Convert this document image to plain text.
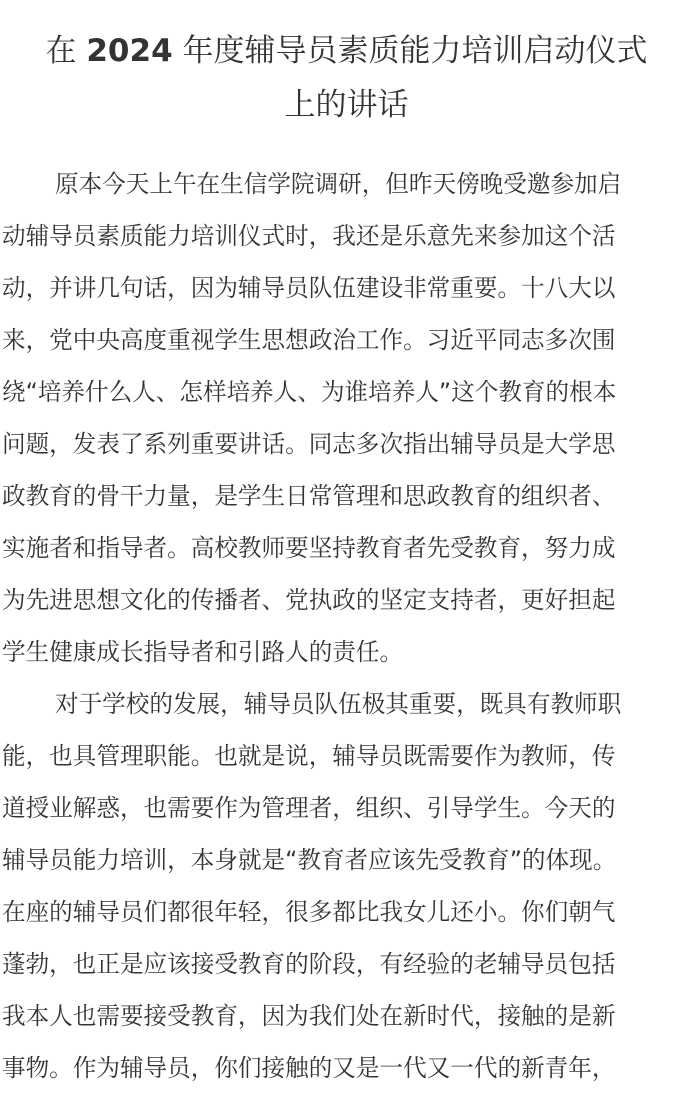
在 2024 年度辅导员素质能力培训启动仪式
上的讲话
原本今天上午在生信学院调研，但昨天傍晚受邀参加启
动辅导员素质能力培训仪式时，我还是乐意先来参加这个活
动，并讲几句话，因为辅导员队伍建设非常重要。十八大以
来，党中央高度重视学生思想政治工作。习近平同志多次围
绕“培养什么人、怎样培养人、为谁培养人”这个教育的根本
问题，发表了系列重要讲话。同志多次指出辅导员是大学思
政教育的骨干力量，是学生日常管理和思政教育的组织者、
实施者和指导者。高校教师要坚持教育者先受教育，努力成
为先进思想文化的传播者、党执政的坚定支持者，更好担起
学生健康成长指导者和引路人的责任。
对于学校的发展，辅导员队伍极其重要，既具有教师职
能，也具管理职能。也就是说，辅导员既需要作为教师，传
道授业解惑，也需要作为管理者，组织、引导学生。今天的
辅导员能力培训，本身就是“教育者应该先受教育”的体现。
在座的辅导员们都很年轻，很多都比我女儿还小。你们朝气
蓬勃，也正是应该接受教育的阶段，有经验的老辅导员包括
我本人也需要接受教育，因为我们处在新时代，接触的是新
事物。作为辅导员，你们接触的又是一代又一代的新青年，
